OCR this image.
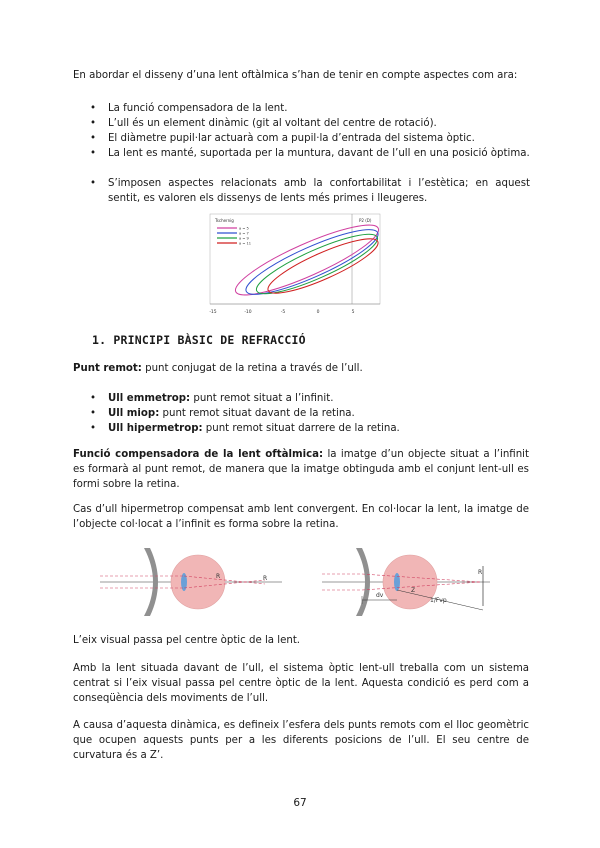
En abordar el disseny d’una lent oftàlmica s’han de tenir en compte aspectes com ara:

• La funció compensadora de la lent.
• L’ull és un element dinàmic (git al voltant del centre de rotació).
• El diàmetre pupil·lar actuarà com a pupil·la d’entrada del sistema òptic.
• La lent es manté, suportada per la muntura, davant de l’ull en una posició òptima.
• S’imposen aspectes relacionats amb la confortabilitat i l’estètica; en aquest sentit, es valoren els dissenys de lents més primes i lleugeres.
Tschernig
a = 5
a = 7
a = 9
a = 11
-15	-10	-5	0	5
P2 (D)
1. PRINCIPI BÀSIC DE REFRACCIÓ

Punt remot: punt conjugat de la retina a través de l’ull.

• Ull emmetrop: punt remot situat a l’infinit.
• Ull miop: punt remot situat davant de la retina.
• Ull hipermetrop: punt remot situat darrere de la retina.

Funció compensadora de la lent oftàlmica: la imatge d’un objecte situat a l’infinit es formarà al punt remot, de manera que la imatge obtinguda amb el conjunt lent-ull es formi sobre la retina.

Cas d’ull hipermetrop compensat amb lent convergent. En col·locar la lent, la imatge de l’objecte col·locat a l’infinit es forma sobre la retina.

R	R
R
dv
Z
1/Fvp

L’eix visual passa pel centre òptic de la lent.

Amb la lent situada davant de l’ull, el sistema òptic lent-ull treballa com un sistema centrat si l’eix visual passa pel centre òptic de la lent. Aquesta condició es perd com a conseqüència dels moviments de l’ull.

A causa d’aquesta dinàmica, es defineix l’esfera dels punts remots com el lloc geomètric que ocupen aquests punts per a les diferents posicions de l’ull. El seu centre de curvatura és a Z’.

67
